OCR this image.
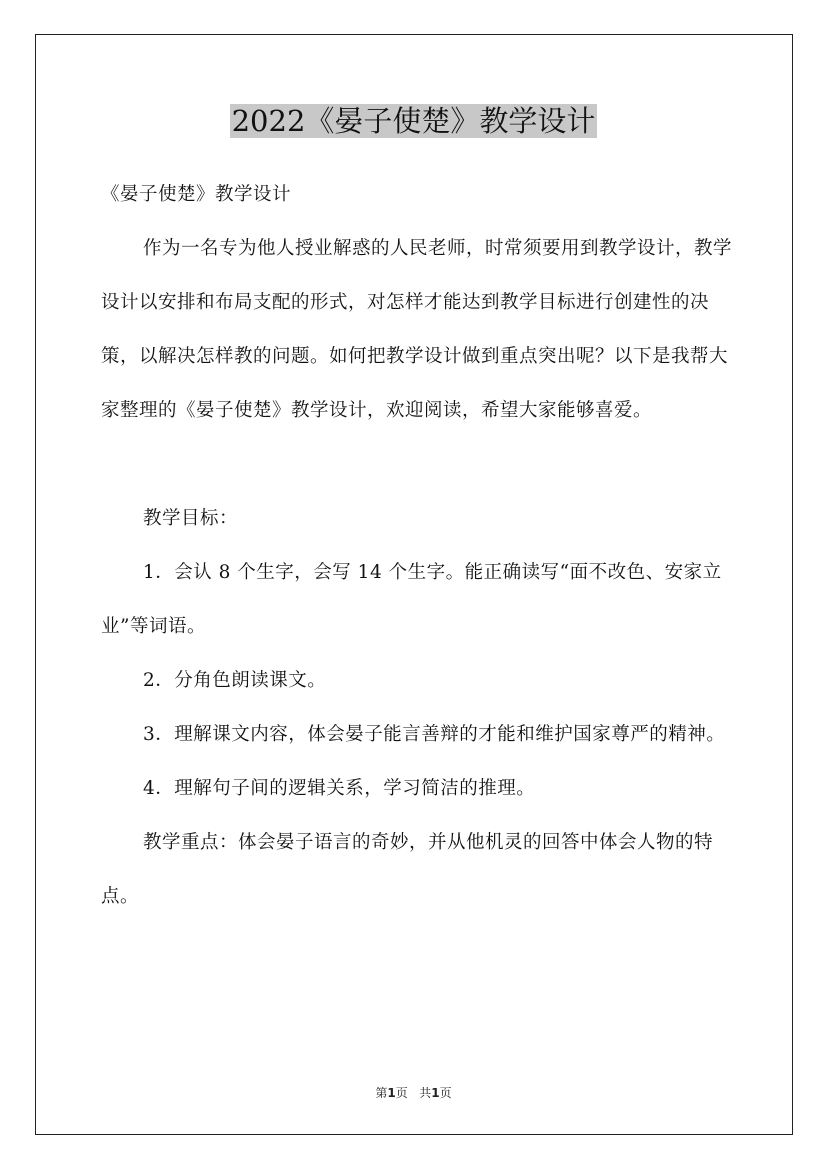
2022《晏子使楚》教学设计

《晏子使楚》教学设计

作为一名专为他人授业解惑的人民老师，时常须要用到教学设计，教学设计以安排和布局支配的形式，对怎样才能达到教学目标进行创建性的决策，以解决怎样教的问题。如何把教学设计做到重点突出呢？以下是我帮大家整理的《晏子使楚》教学设计，欢迎阅读，希望大家能够喜爱。

教学目标：

1．会认 8 个生字，会写 14 个生字。能正确读写“面不改色、安家立业”等词语。

2．分角色朗读课文。

3．理解课文内容，体会晏子能言善辩的才能和维护国家尊严的精神。

4．理解句子间的逻辑关系，学习简洁的推理。

教学重点：体会晏子语言的奇妙，并从他机灵的回答中体会人物的特点。

第1页 共1页
